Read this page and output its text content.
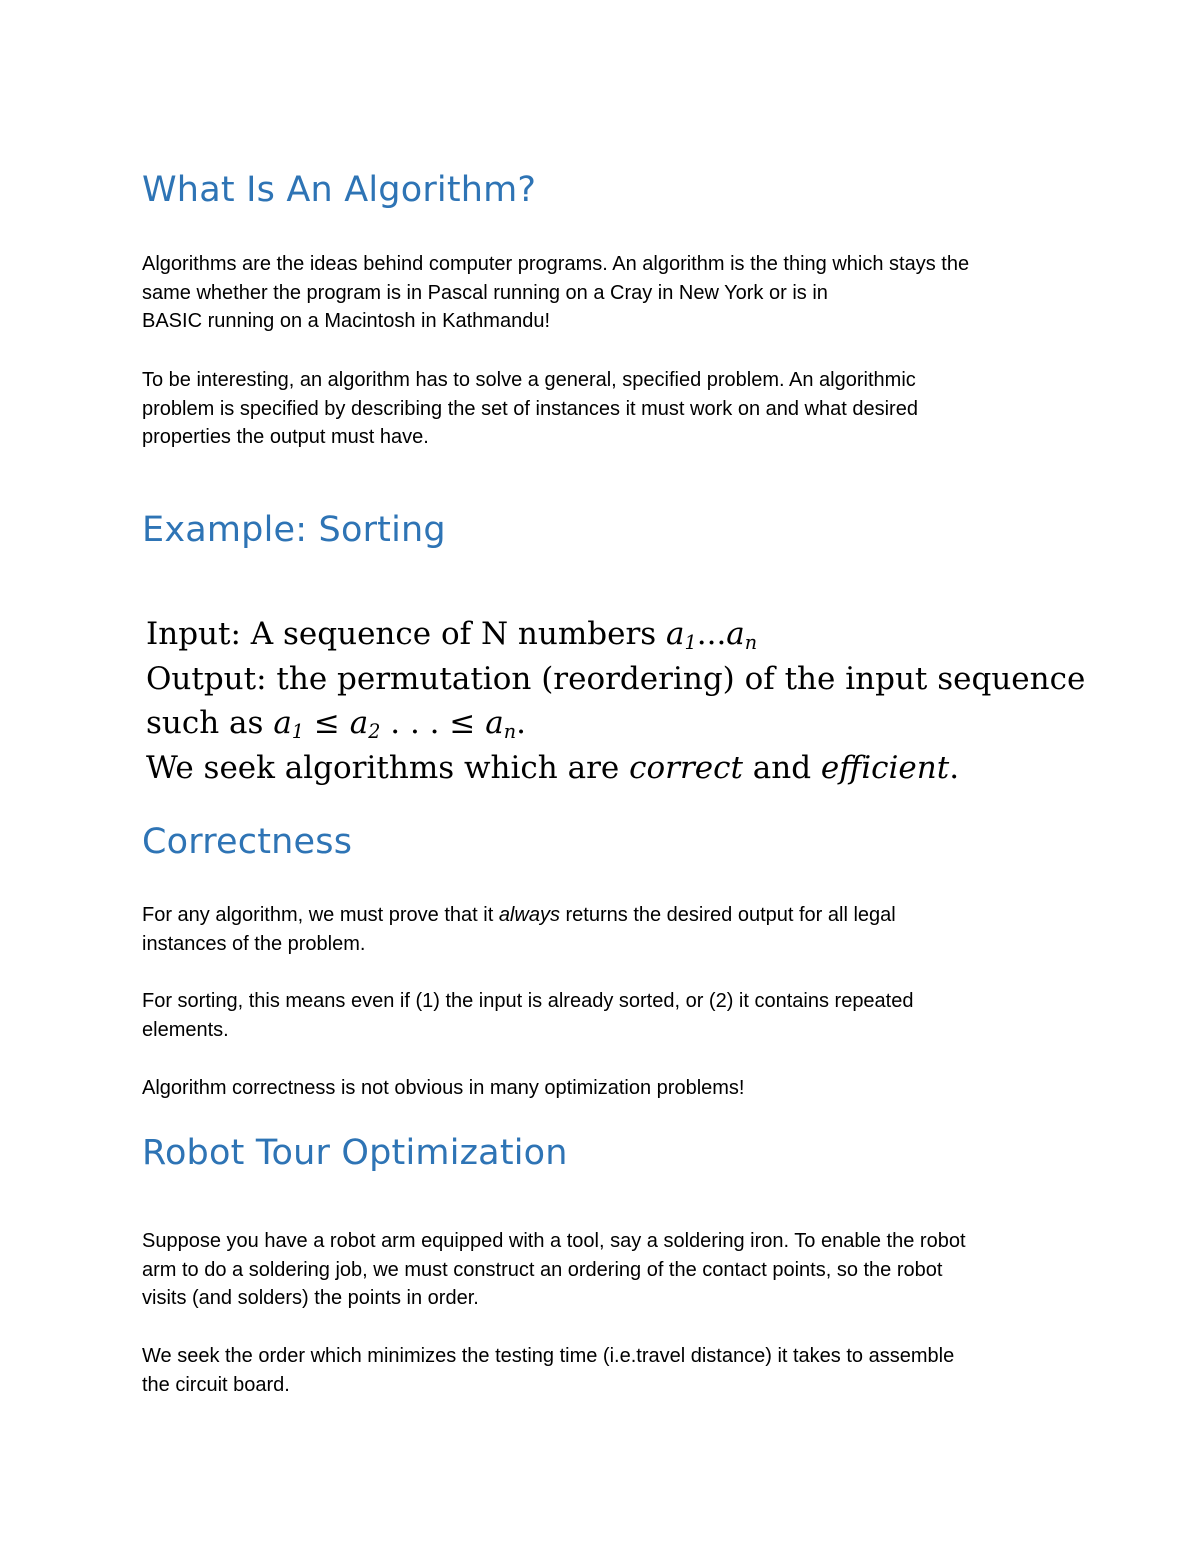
What Is An Algorithm?

Algorithms are the ideas behind computer programs. An algorithm is the thing which stays the
same whether the program is in Pascal running on a Cray in New York or is in
BASIC running on a Macintosh in Kathmandu!

To be interesting, an algorithm has to solve a general, specified problem. An algorithmic
problem is specified by describing the set of instances it must work on and what desired
properties the output must have.

Example: Sorting
Input: A sequence of N numbers $a_1...a_n$
Output: the permutation (reordering) of the input sequence
such as $a_1 \le a_2$ . . . ≤ $a_n$.
We seek algorithms which are correct and efficient.
Correctness

For any algorithm, we must prove that it always returns the desired output for all legal
instances of the problem.

For sorting, this means even if (1) the input is already sorted, or (2) it contains repeated
elements.

Algorithm correctness is not obvious in many optimization problems!

Robot Tour Optimization

Suppose you have a robot arm equipped with a tool, say a soldering iron. To enable the robot
arm to do a soldering job, we must construct an ordering of the contact points, so the robot
visits (and solders) the points in order.

We seek the order which minimizes the testing time (i.e.travel distance) it takes to assemble
the circuit board.
